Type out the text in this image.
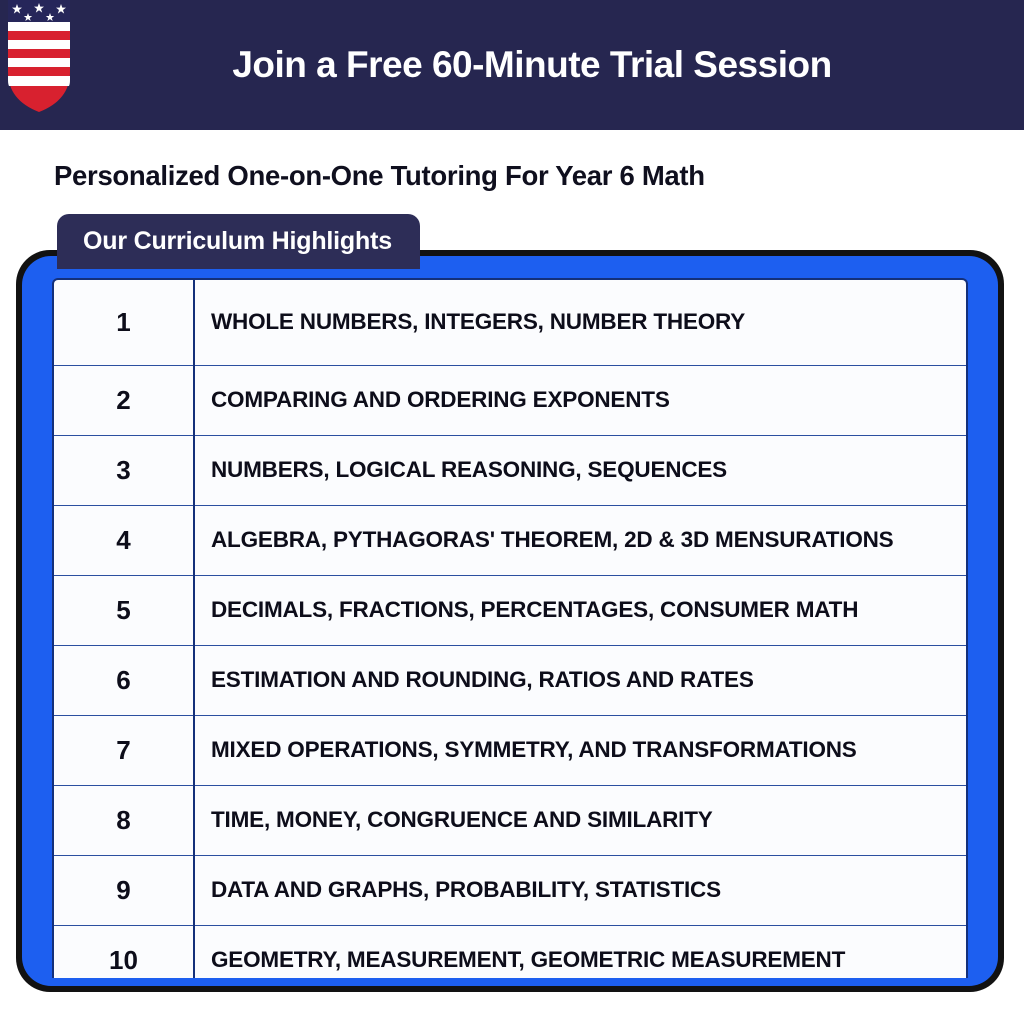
Join a Free 60-Minute Trial Session
Personalized One-on-One Tutoring For Year 6 Math
Our Curriculum Highlights
1	WHOLE NUMBERS, INTEGERS, NUMBER THEORY
2	COMPARING AND ORDERING EXPONENTS
3	NUMBERS, LOGICAL REASONING, SEQUENCES
4	ALGEBRA, PYTHAGORAS' THEOREM, 2D & 3D MENSURATIONS
5	DECIMALS, FRACTIONS, PERCENTAGES, CONSUMER MATH
6	ESTIMATION AND ROUNDING, RATIOS AND RATES
7	MIXED OPERATIONS, SYMMETRY, AND TRANSFORMATIONS
8	TIME, MONEY, CONGRUENCE AND SIMILARITY
9	DATA AND GRAPHS, PROBABILITY, STATISTICS
10	GEOMETRY, MEASUREMENT, GEOMETRIC MEASUREMENT
